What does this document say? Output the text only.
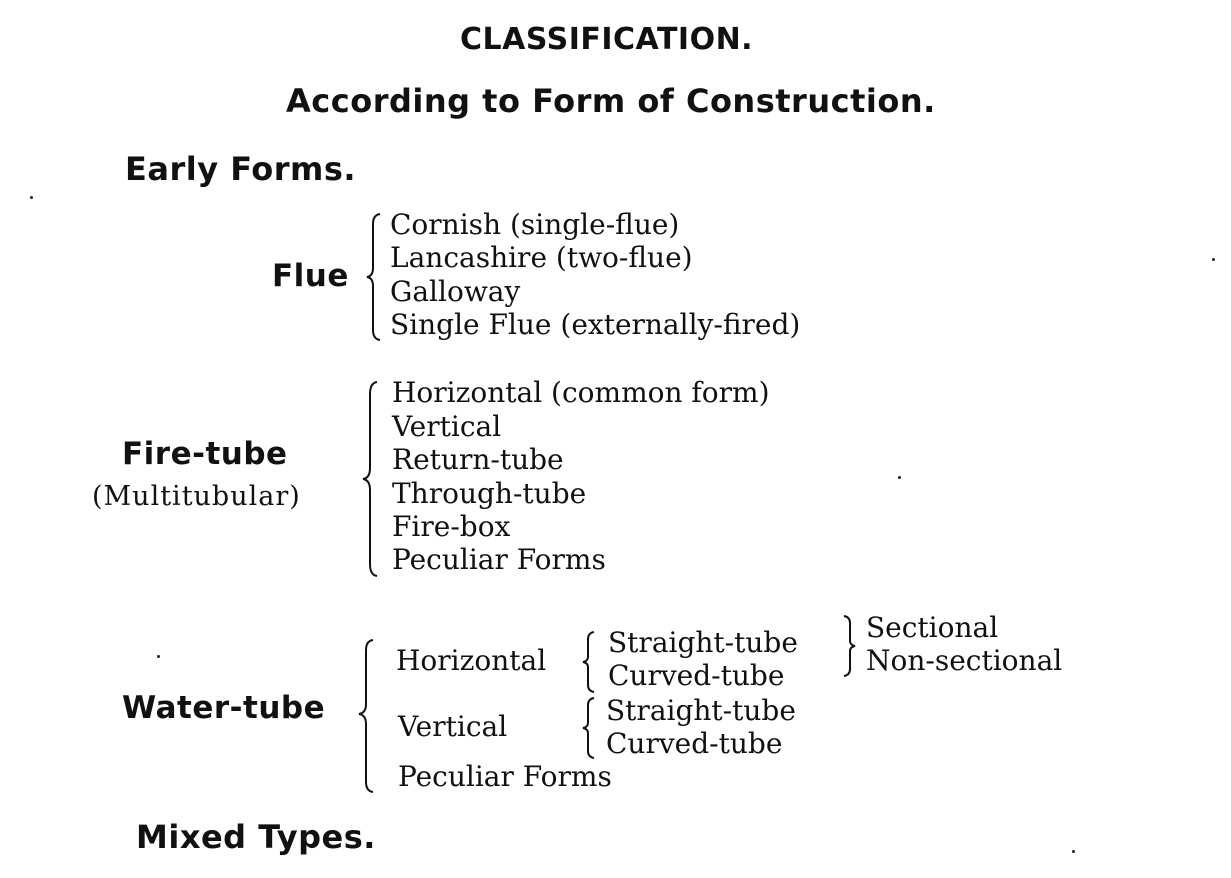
CLASSIFICATION.
According to Form of Construction.
Early Forms.
Flue
Cornish (single-flue)
Lancashire (two-flue)
Galloway
Single Flue (externally-fired)
Fire-tube
(Multitubular)
Horizontal (common form)
Vertical
Return-tube
Through-tube
Fire-box
Peculiar Forms
Water-tube
Horizontal
Straight-tube
Curved-tube
Sectional
Non-sectional
Vertical	Straight-tube
Curved-tube
Peculiar Forms
Mixed Types.
